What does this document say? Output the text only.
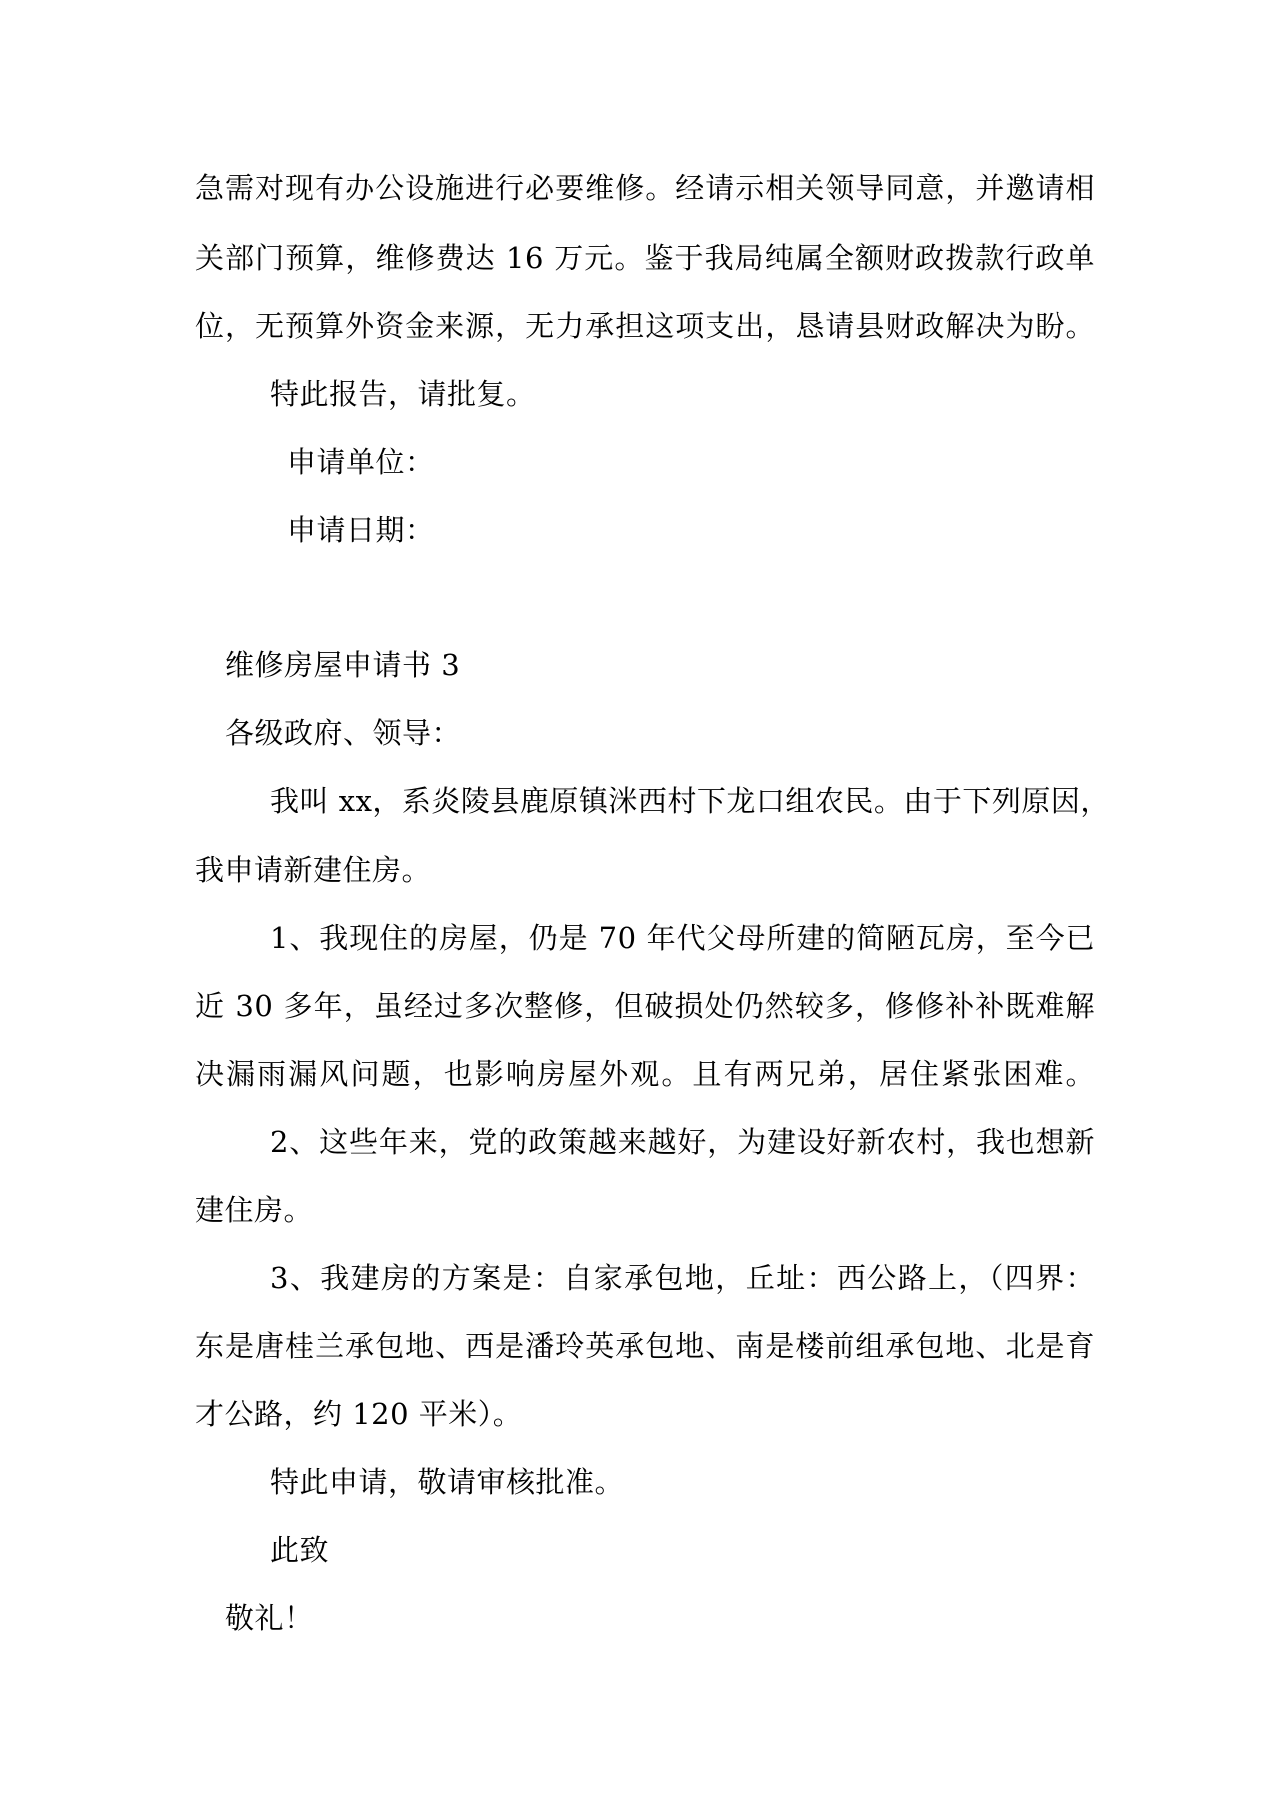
急需对现有办公设施进行必要维修。经请示相关领导同意，并邀请相
关部门预算，维修费达 16 万元。鉴于我局纯属全额财政拨款行政单
位，无预算外资金来源，无力承担这项支出，恳请县财政解决为盼。
特此报告，请批复。
申请单位：
申请日期：
维修房屋申请书 3
各级政府、领导：
我叫 xx，系炎陵县鹿原镇洣西村下龙口组农民。由于下列原因，
我申请新建住房。
1、我现住的房屋，仍是 70 年代父母所建的简陋瓦房，至今已
近 30 多年，虽经过多次整修，但破损处仍然较多，修修补补既难解
决漏雨漏风问题，也影响房屋外观。且有两兄弟，居住紧张困难。
2、这些年来，党的政策越来越好，为建设好新农村，我也想新
建住房。
3、我建房的方案是：自家承包地，丘址：西公路上，（四界：
东是唐桂兰承包地、西是潘玲英承包地、南是楼前组承包地、北是育
才公路，约 120 平米）。
特此申请，敬请审核批准。
此致
敬礼！
